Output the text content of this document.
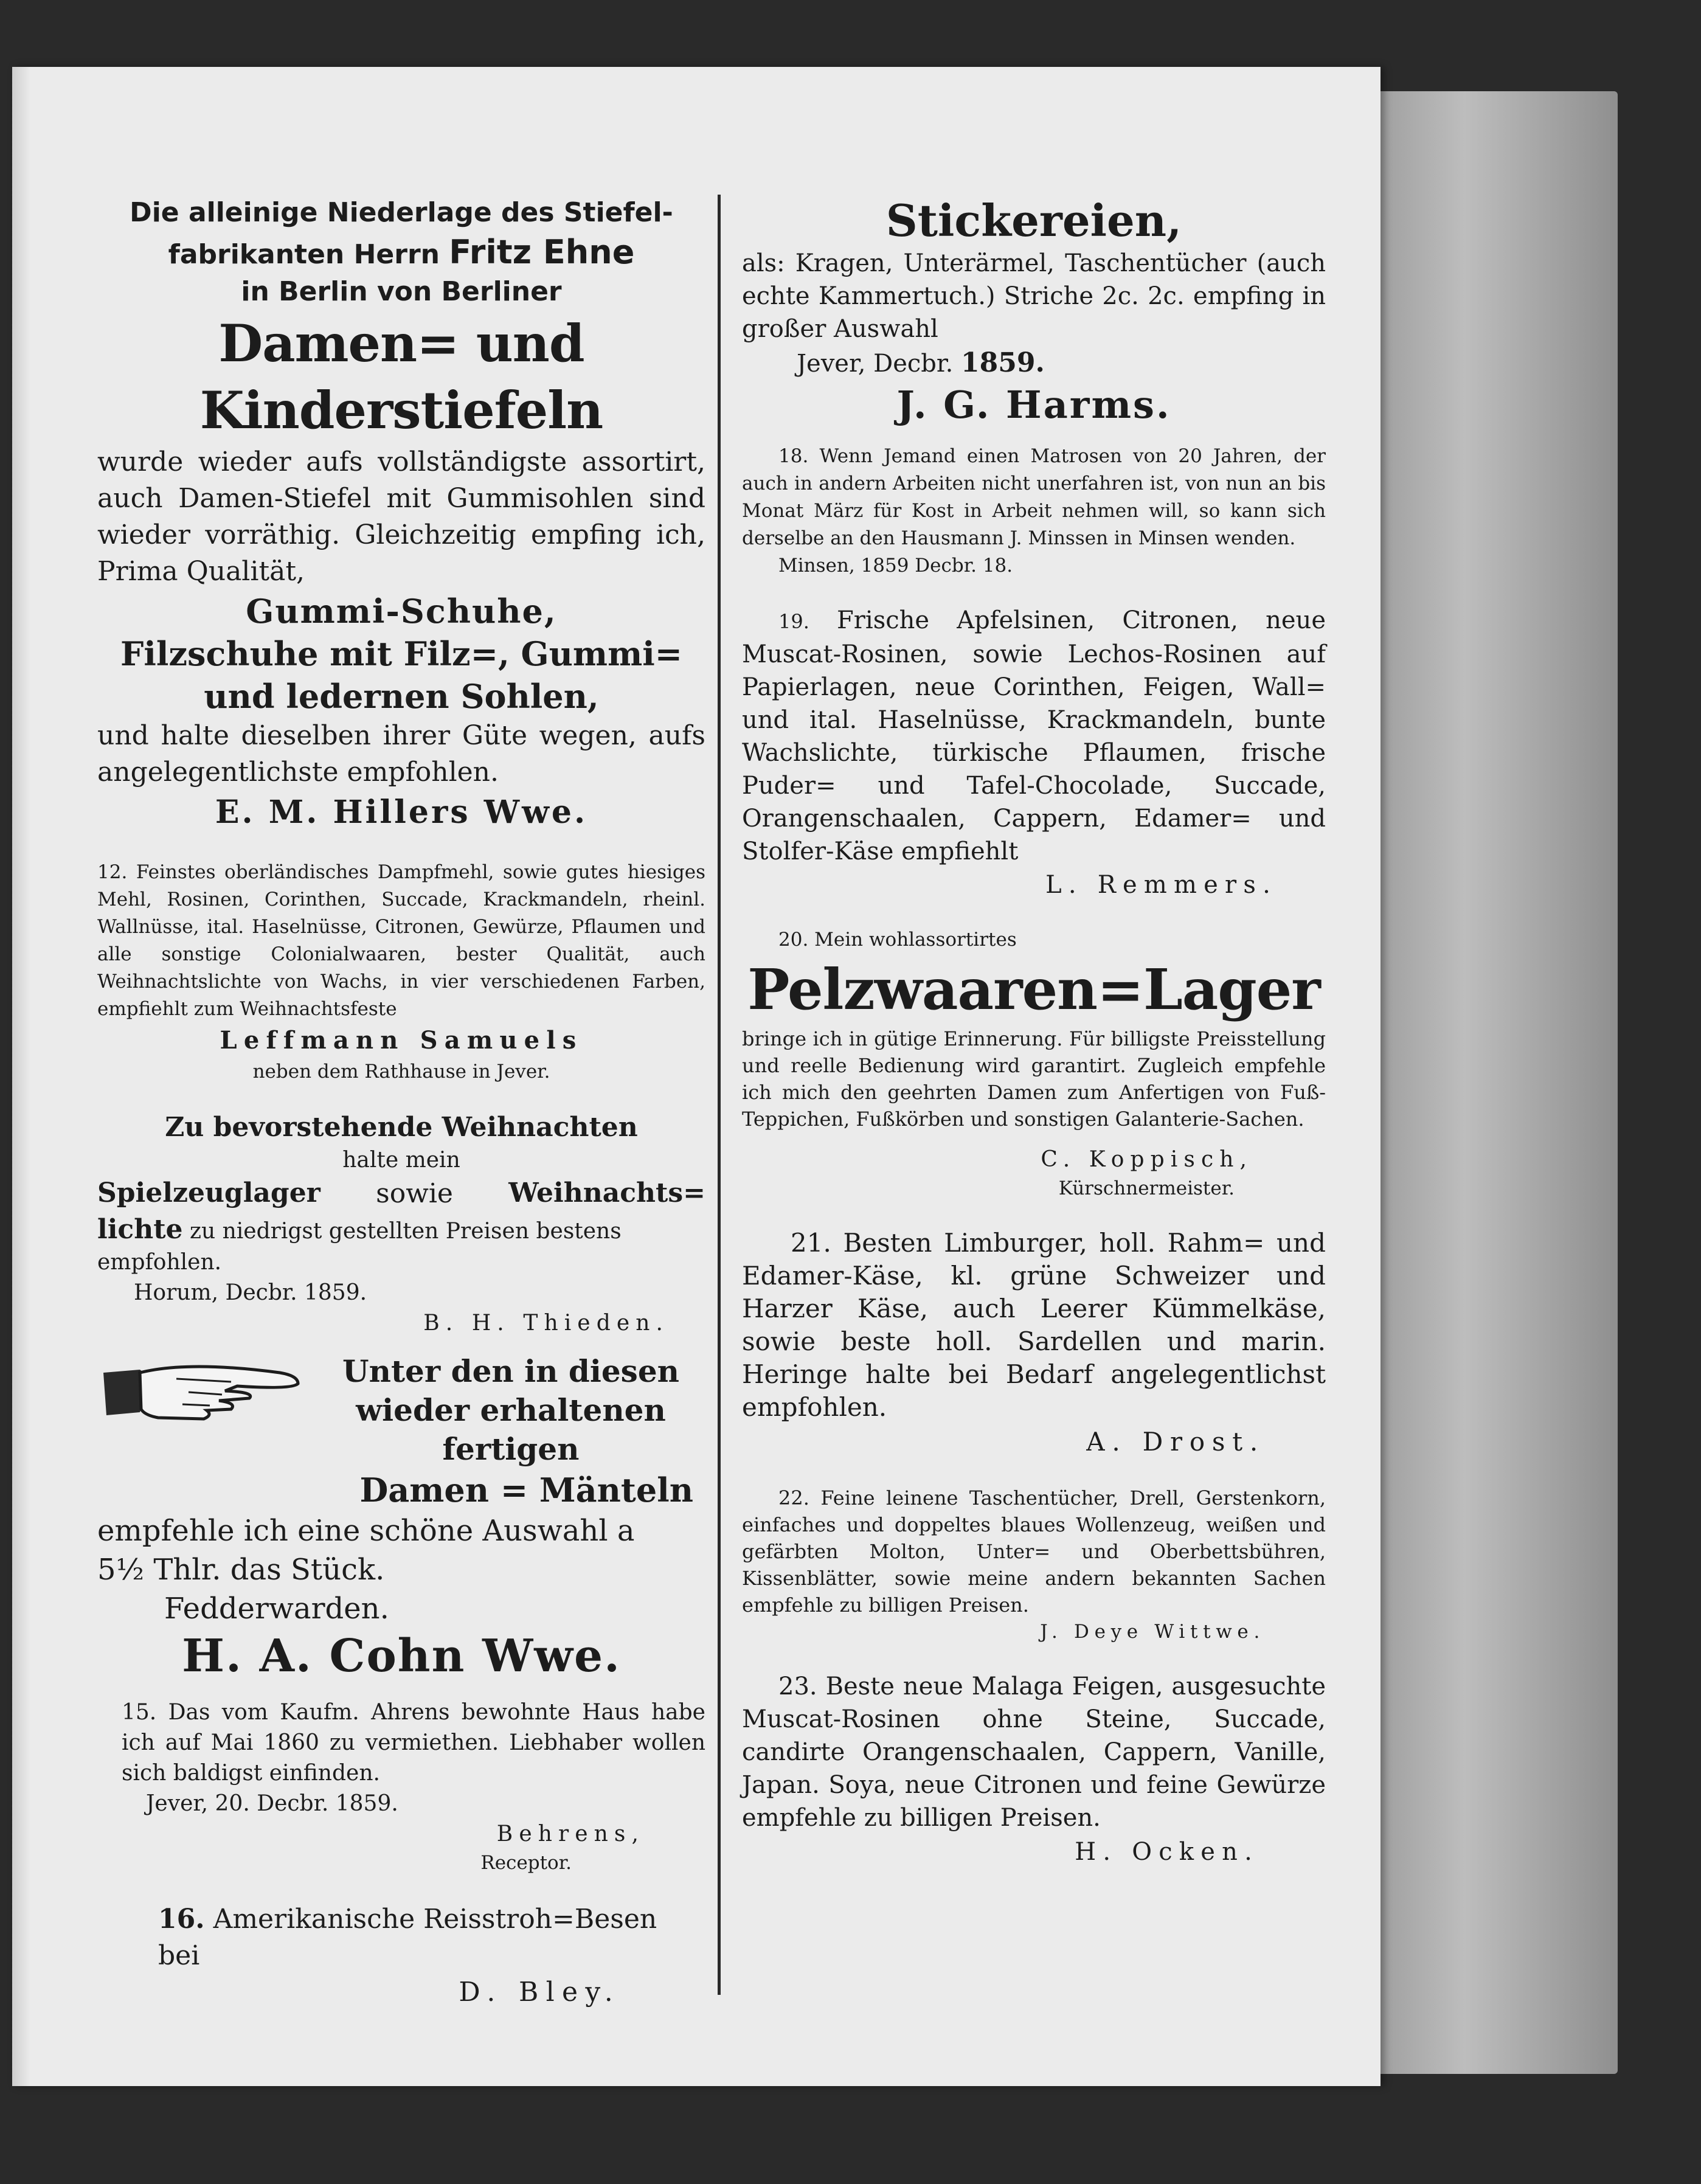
Die alleinige Niederlage des Stiefel-

fabrikanten Herrn Fritz Ehne

in Berlin von Berliner

Damen= und Kinderstiefeln

wurde wieder aufs vollständigste assortirt, auch Damen-Stiefel mit Gummisohlen sind wieder vorräthig. Gleichzeitig empfing ich, Prima Qualität,

Gummi-Schuhe,

Filzschuhe mit Filz=, Gummi= und ledernen Sohlen,

und halte dieselben ihrer Güte wegen, aufs angelegentlichste empfohlen.

E. M. Hillers Wwe.

12. Feinstes oberländisches Dampfmehl, sowie gutes hiesiges Mehl, Rosinen, Corinthen, Succade, Krackmandeln, rheinl. Wallnüsse, ital. Haselnüsse, Citronen, Gewürze, Pflaumen und alle sonstige Colonialwaaren, bester Qualität, auch Weihnachtslichte von Wachs, in vier verschiedenen Farben, empfiehlt zum Weihnachtsfeste

Leffmann Samuels

neben dem Rathhause in Jever.

Zu bevorstehende Weihnachten

halte mein

Spielzeuglager sowie Weihnachts=

lichte zu niedrigst gestellten Preisen bestens empfohlen.

Horum, Decbr. 1859.

B. H. Thieden.

Unter den in diesen

wieder erhaltenen fertigen

Damen = Mänteln

empfehle ich eine schöne Auswahl a

5½ Thlr. das Stück.

Fedderwarden.

H. A. Cohn Wwe.

15. Das vom Kaufm. Ahrens bewohnte Haus habe ich auf Mai 1860 zu vermiethen. Liebhaber wollen sich baldigst einfinden.

Jever, 20. Decbr. 1859.

Behrens,

Receptor.

16. Amerikanische Reisstroh=Besen bei

D. Bley.

Stickereien,

als: Kragen, Unterärmel, Taschentücher (auch echte Kammertuch.) Striche 2c. 2c. empfing in großer Auswahl

Jever, Decbr. 1859.

J. G. Harms.

18. Wenn Jemand einen Matrosen von 20 Jahren, der auch in andern Arbeiten nicht unerfahren ist, von nun an bis Monat März für Kost in Arbeit nehmen will, so kann sich derselbe an den Hausmann J. Minssen in Minsen wenden.

Minsen, 1859 Decbr. 18.

19. Frische Apfelsinen, Citronen, neue Muscat-Rosinen, sowie Lechos-Rosinen auf Papierlagen, neue Corinthen, Feigen, Wall= und ital. Haselnüsse, Krackmandeln, bunte Wachslichte, türkische Pflaumen, frische Puder= und Tafel-Chocolade, Succade, Orangenschaalen, Cappern, Edamer= und Stolfer-Käse empfiehlt

L. Remmers.

20. Mein wohlassortirtes

Pelzwaaren=Lager

bringe ich in gütige Erinnerung. Für billigste Preisstellung und reelle Bedienung wird garantirt. Zugleich empfehle ich mich den geehrten Damen zum Anfertigen von Fuß-Teppichen, Fußkörben und sonstigen Galanterie-Sachen.

C. Koppisch,

Kürschnermeister.

21. Besten Limburger, holl. Rahm= und Edamer-Käse, kl. grüne Schweizer und Harzer Käse, auch Leerer Kümmelkäse, sowie beste holl. Sardellen und marin. Heringe halte bei Bedarf angelegentlichst empfohlen.

A. Drost.

22. Feine leinene Taschentücher, Drell, Gerstenkorn, einfaches und doppeltes blaues Wollenzeug, weißen und gefärbten Molton, Unter= und Oberbettsbühren, Kissenblätter, sowie meine andern bekannten Sachen empfehle zu billigen Preisen.

J. Deye Wittwe.

23. Beste neue Malaga Feigen, ausgesuchte Muscat-Rosinen ohne Steine, Succade, candirte Orangenschaalen, Cappern, Vanille, Japan. Soya, neue Citronen und feine Gewürze empfehle zu billigen Preisen.

H. Ocken.
